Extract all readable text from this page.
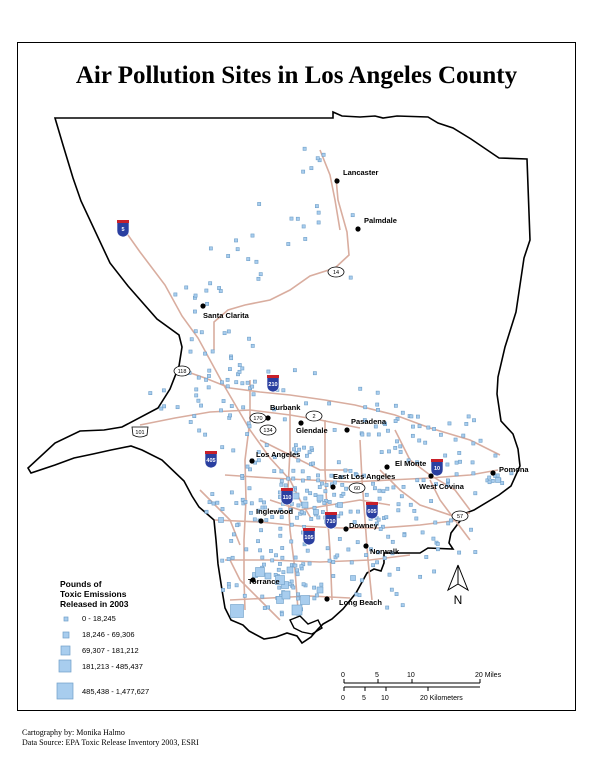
Air Pollution Sites in Los Angeles County
5
210
405
10
110
710
605
105
14
118
170	2
134
60
57
101
Lancaster
Palmdale
Santa Clarita
Burbank
Glendale
Pasadena
Los Angeles
El Monte
East Los Angeles
West Covina
Pomona
Inglewood
Downey
Norwalk
Torrance
Long Beach	N
0	5	10	20 Miles
0 5 10	20 Kilometers
Pounds of
Toxic Emissions
Released in 2003
0 - 18,245
18,246 - 69,306
69,307 - 181,212
181,213 - 485,437
485,438 - 1,477,627
Cartography by: Monika Halmo
Data Source: EPA Toxic Release Inventory 2003, ESRI
